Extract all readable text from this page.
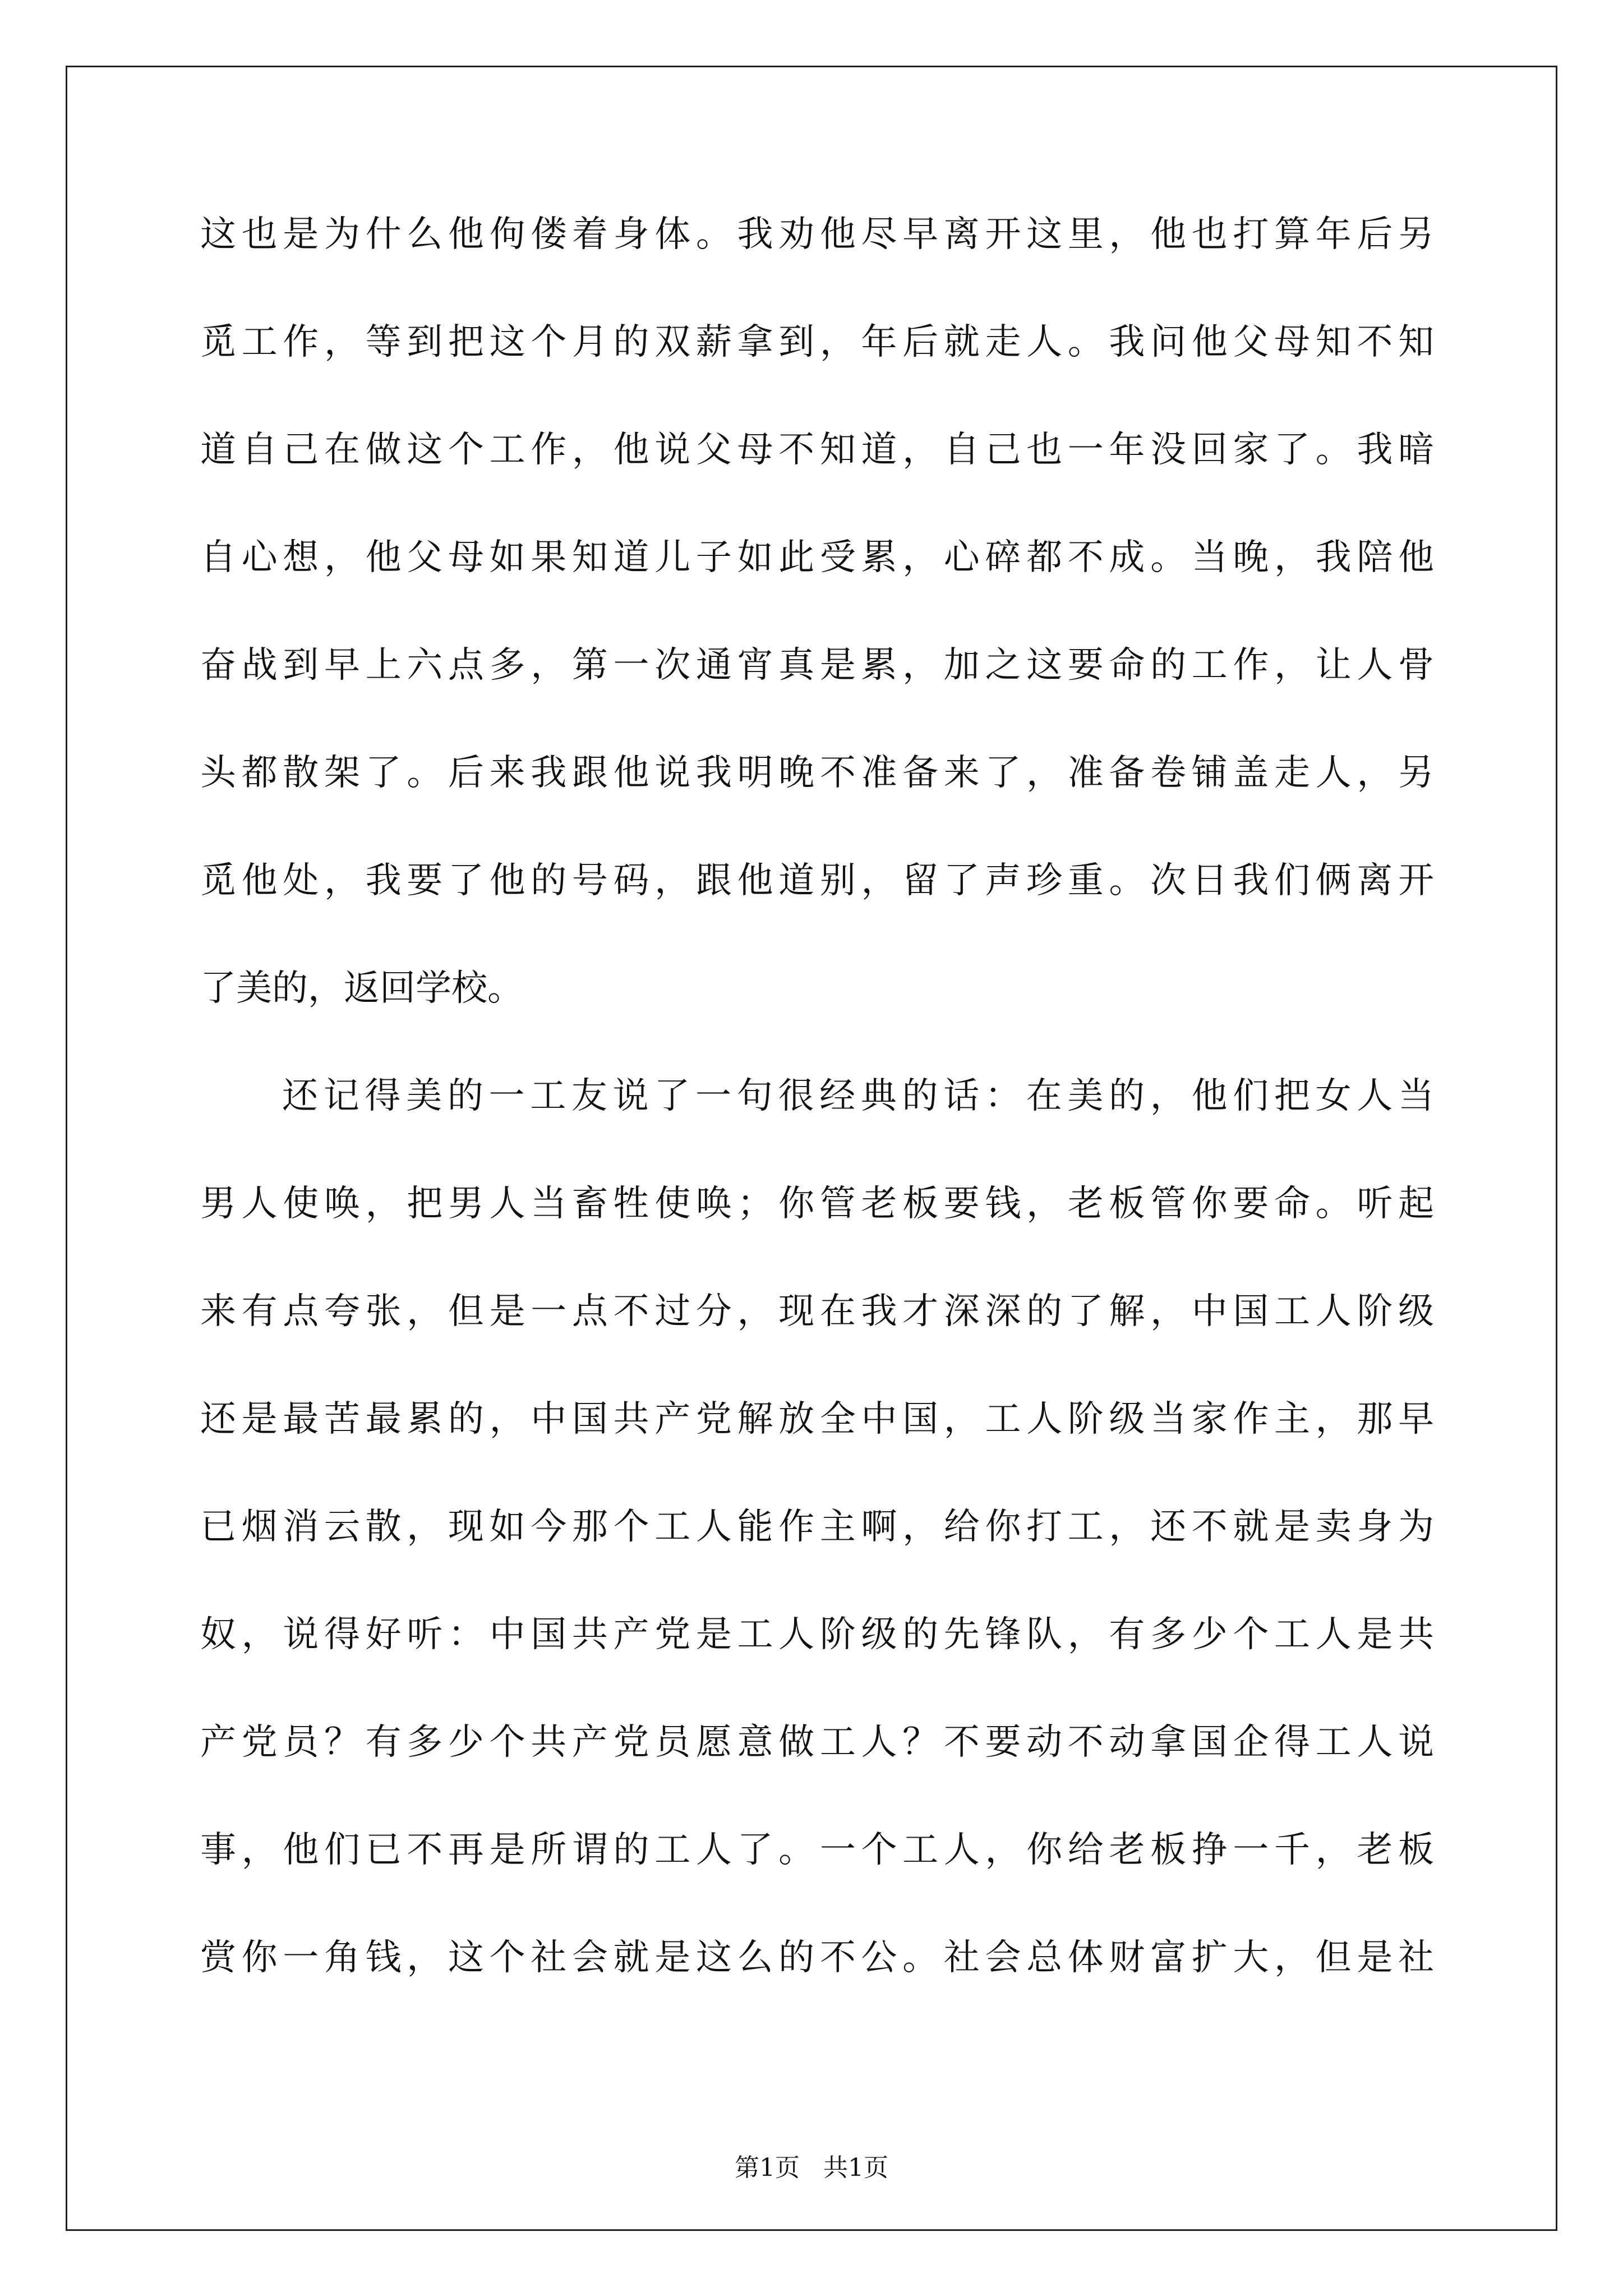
这也是为什么他佝偻着身体。我劝他尽早离开这里，他也打算年后另
觅工作，等到把这个月的双薪拿到，年后就走人。我问他父母知不知
道自己在做这个工作，他说父母不知道，自己也一年没回家了。我暗
自心想，他父母如果知道儿子如此受累，心碎都不成。当晚，我陪他
奋战到早上六点多，第一次通宵真是累，加之这要命的工作，让人骨
头都散架了。后来我跟他说我明晚不准备来了，准备卷铺盖走人，另
觅他处，我要了他的号码，跟他道别，留了声珍重。次日我们俩离开
了美的，返回学校。
还记得美的一工友说了一句很经典的话：在美的，他们把女人当
男人使唤，把男人当畜牲使唤；你管老板要钱，老板管你要命。听起
来有点夸张，但是一点不过分，现在我才深深的了解，中国工人阶级
还是最苦最累的，中国共产党解放全中国，工人阶级当家作主，那早
已烟消云散，现如今那个工人能作主啊，给你打工，还不就是卖身为
奴，说得好听：中国共产党是工人阶级的先锋队，有多少个工人是共
产党员？有多少个共产党员愿意做工人？不要动不动拿国企得工人说
事，他们已不再是所谓的工人了。一个工人，你给老板挣一千，老板
赏你一角钱，这个社会就是这么的不公。社会总体财富扩大，但是社
第1页 共1页
